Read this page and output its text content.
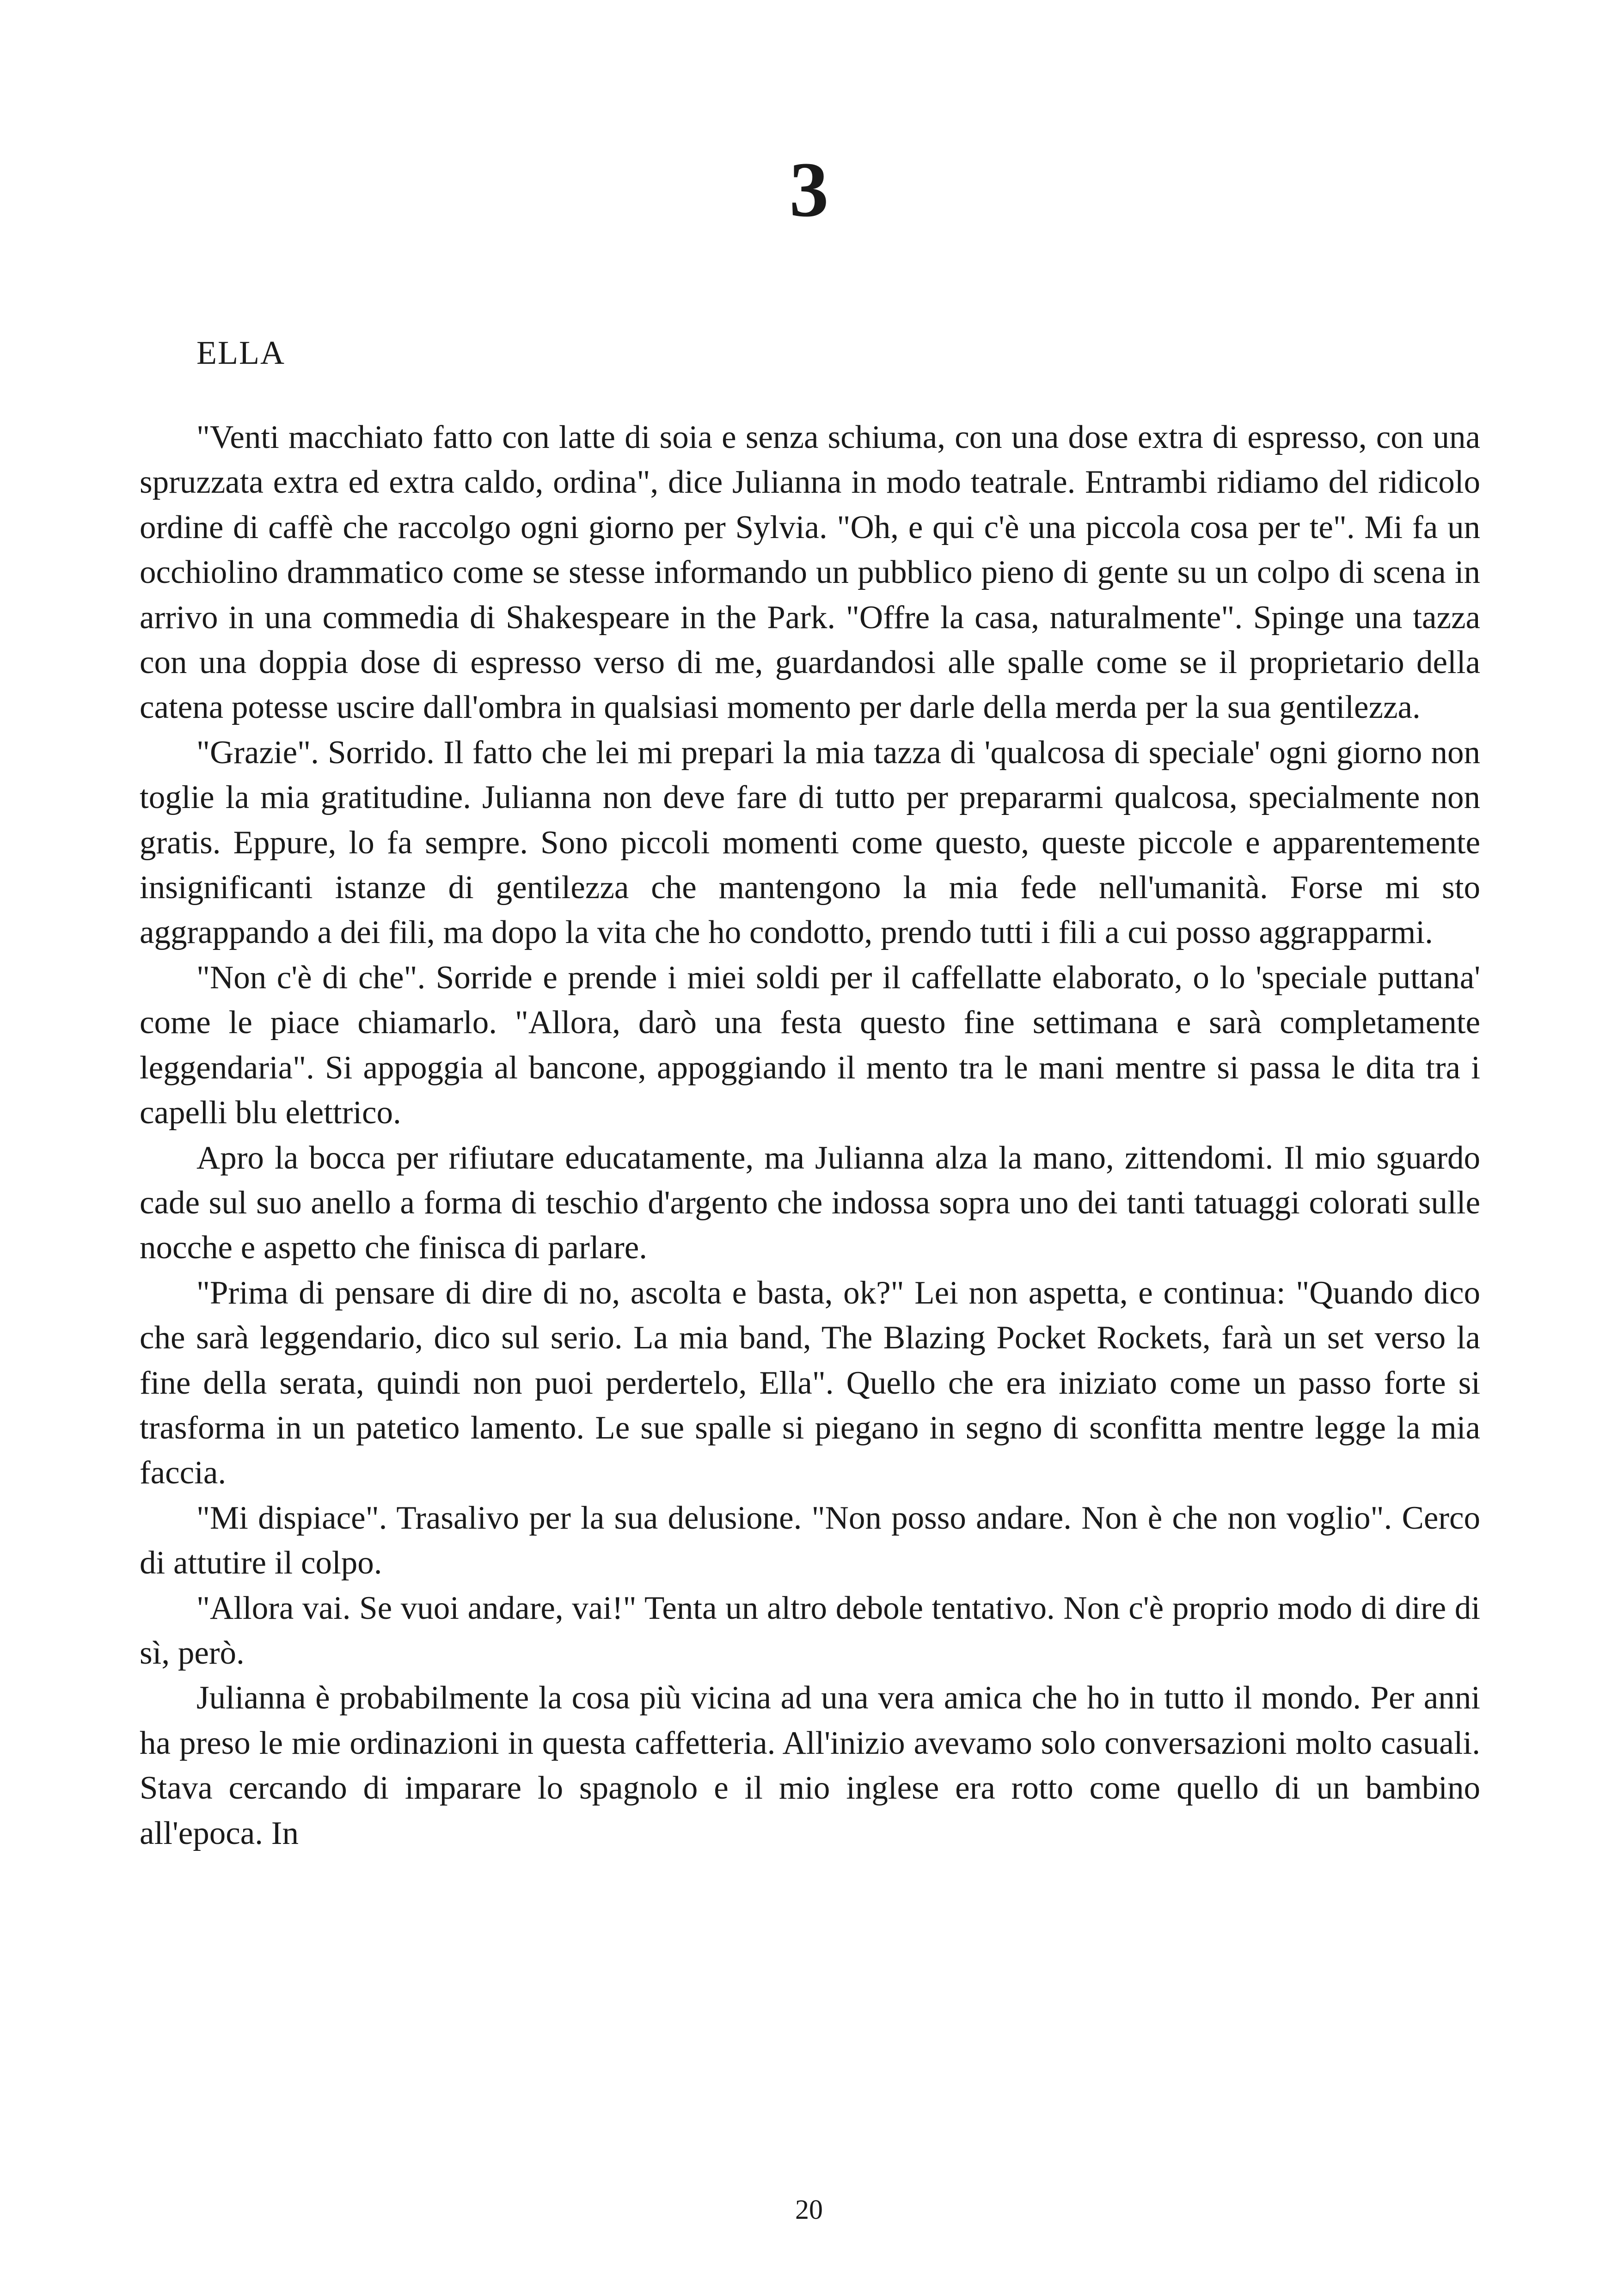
3
ELLA

"Venti macchiato fatto con latte di soia e senza schiuma, con una dose extra di espresso, con una spruzzata extra ed extra caldo, ordina", dice Julianna in modo teatrale. Entrambi ridiamo del ridicolo ordine di caffè che raccolgo ogni giorno per Sylvia. "Oh, e qui c'è una piccola cosa per te". Mi fa un occhiolino drammatico come se stesse informando un pubblico pieno di gente su un colpo di scena in arrivo in una commedia di Shakespeare in the Park. "Offre la casa, naturalmente". Spinge una tazza con una doppia dose di espresso verso di me, guardandosi alle spalle come se il proprietario della catena potesse uscire dall'ombra in qualsiasi momento per darle della merda per la sua gentilezza.

"Grazie". Sorrido. Il fatto che lei mi prepari la mia tazza di 'qualcosa di speciale' ogni giorno non toglie la mia gratitudine. Julianna non deve fare di tutto per prepararmi qualcosa, specialmente non gratis. Eppure, lo fa sempre. Sono piccoli momenti come questo, queste piccole e apparentemente insignificanti istanze di gentilezza che mantengono la mia fede nell'umanità. Forse mi sto aggrappando a dei fili, ma dopo la vita che ho condotto, prendo tutti i fili a cui posso aggrapparmi.

"Non c'è di che". Sorride e prende i miei soldi per il caffellatte elaborato, o lo 'speciale puttana' come le piace chiamarlo. "Allora, darò una festa questo fine settimana e sarà completamente leggendaria". Si appoggia al bancone, appoggiando il mento tra le mani mentre si passa le dita tra i capelli blu elettrico.

Apro la bocca per rifiutare educatamente, ma Julianna alza la mano, zittendomi. Il mio sguardo cade sul suo anello a forma di teschio d'argento che indossa sopra uno dei tanti tatuaggi colorati sulle nocche e aspetto che finisca di parlare.

"Prima di pensare di dire di no, ascolta e basta, ok?" Lei non aspetta, e continua: "Quando dico che sarà leggendario, dico sul serio. La mia band, The Blazing Pocket Rockets, farà un set verso la fine della serata, quindi non puoi perdertelo, Ella". Quello che era iniziato come un passo forte si trasforma in un patetico lamento. Le sue spalle si piegano in segno di sconfitta mentre legge la mia faccia.

"Mi dispiace". Trasalivo per la sua delusione. "Non posso andare. Non è che non voglio". Cerco di attutire il colpo.

"Allora vai. Se vuoi andare, vai!" Tenta un altro debole tentativo. Non c'è proprio modo di dire di sì, però.

Julianna è probabilmente la cosa più vicina ad una vera amica che ho in tutto il mondo. Per anni ha preso le mie ordinazioni in questa caffetteria. All'inizio avevamo solo conversazioni molto casuali. Stava cercando di imparare lo spagnolo e il mio inglese era rotto come quello di un bambino all'epoca. In

20
